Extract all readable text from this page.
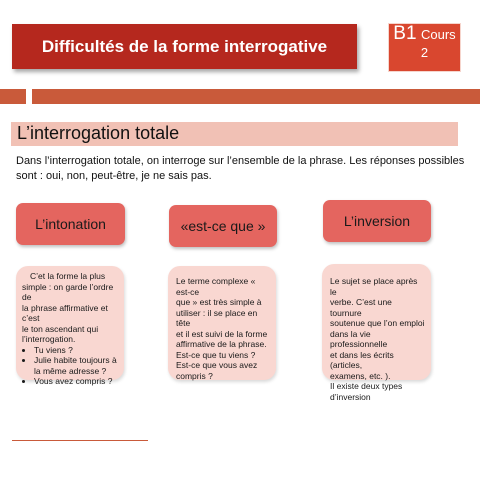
Difficultés de la forme interrogative
B1 Cours
2
L’interrogation totale
Dans l’interrogation totale, on interroge sur l’ensemble de la phrase. Les réponses possibles sont : oui, non, peut-être, je ne sais pas.
L’intonation

C’et la forme la plus

simple : on garde l’ordre de

la phrase affirmative et c’est

le ton ascendant qui

l’interrogation.

• Tu viens ?
• Julie habite toujours à la même adresse ?
• Vous avez compris ?
«est-ce que »

Le terme complexe « est-ce

que » est très simple à

utiliser : il se place en tête

et il est suivi de la forme

affirmative de la phrase.

Est-ce que tu viens ?

Est-ce que vous avez

compris ?

L’inversion

Le sujet se place après le

verbe. C’est une tournure

soutenue que l’on emploi

dans la vie professionnelle

et dans les écrits (articles,

examens, etc. ).

Il existe deux types

d’inversion
